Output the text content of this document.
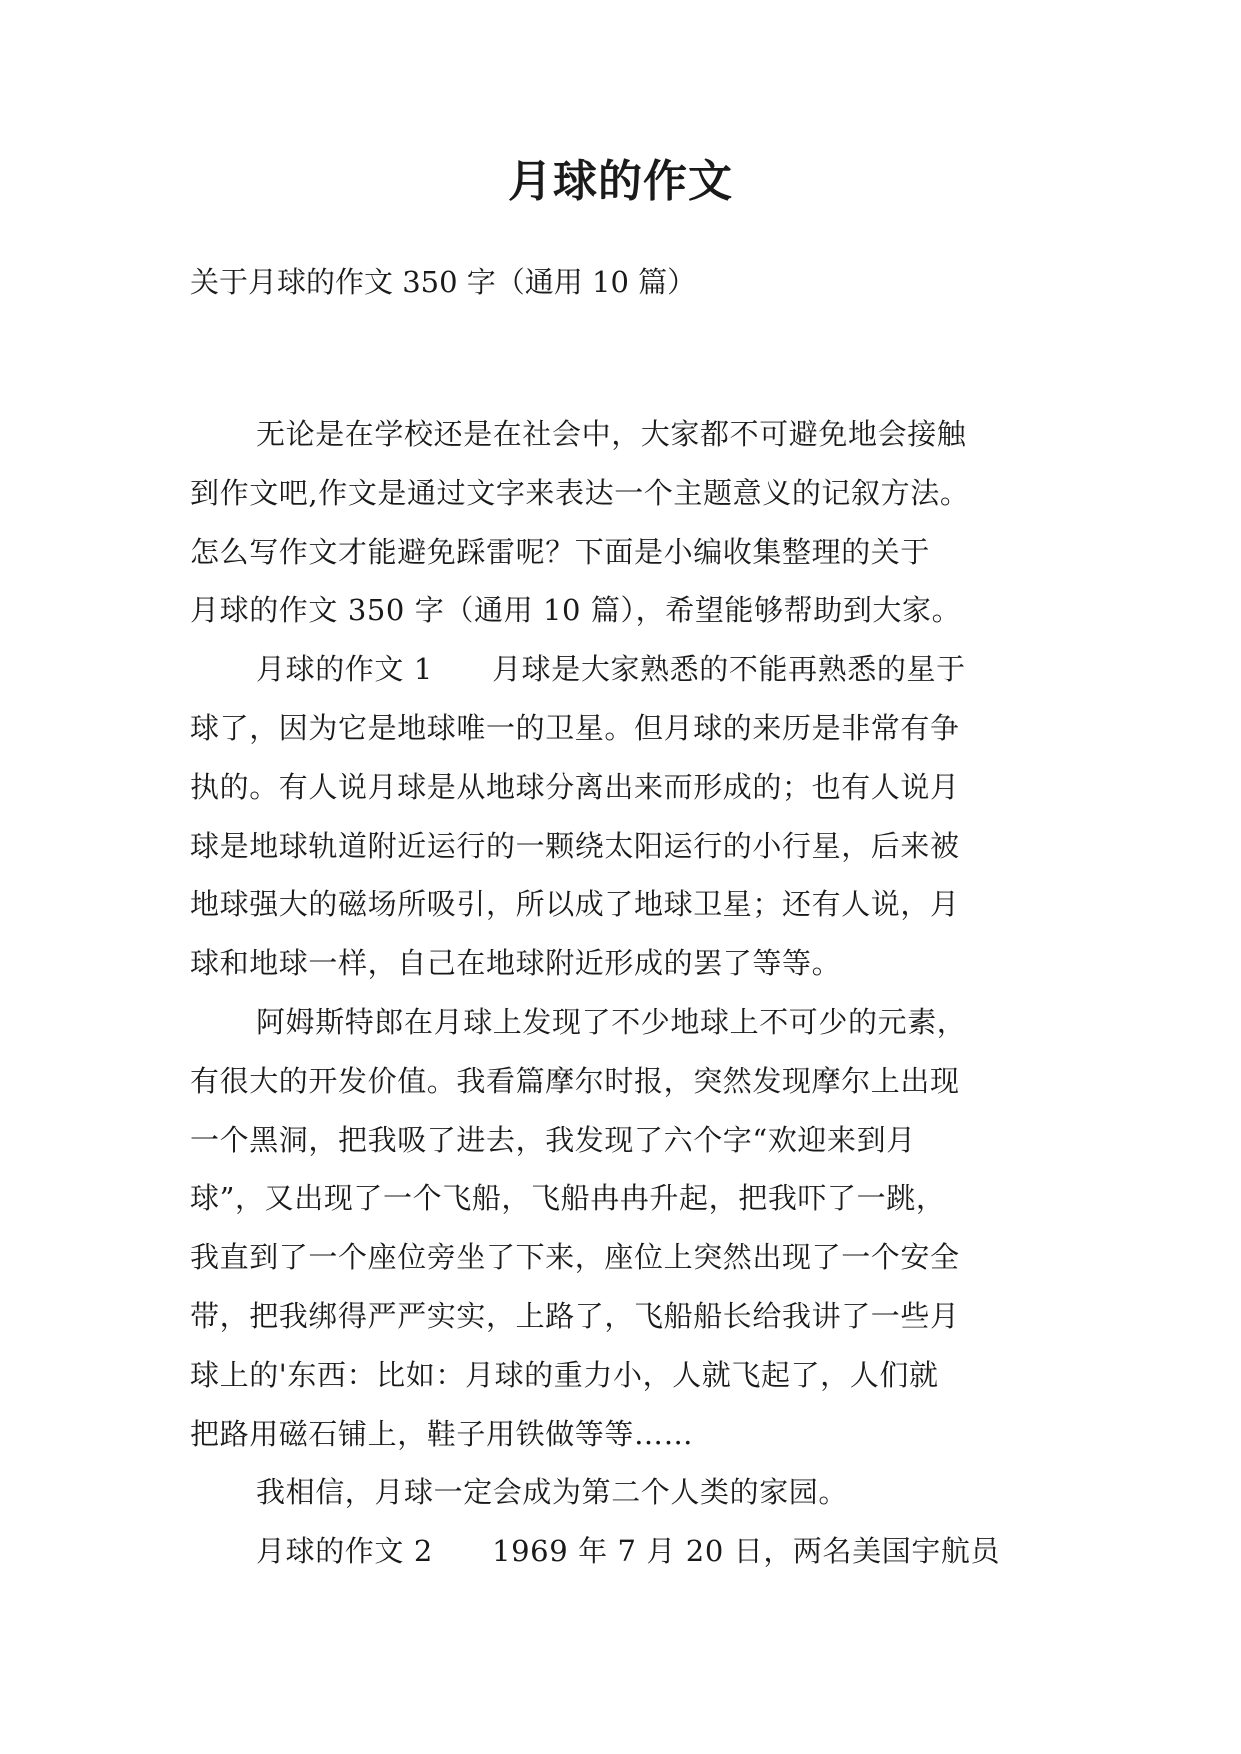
月球的作文
关于月球的作文 350 字（通用 10 篇）
无论是在学校还是在社会中，大家都不可避免地会接触
到作文吧,作文是通过文字来表达一个主题意义的记叙方法。
怎么写作文才能避免踩雷呢？下面是小编收集整理的关于
月球的作文 350 字（通用 10 篇），希望能够帮助到大家。
月球的作文 1　　月球是大家熟悉的不能再熟悉的星于
球了，因为它是地球唯一的卫星。但月球的来历是非常有争
执的。有人说月球是从地球分离出来而形成的；也有人说月
球是地球轨道附近运行的一颗绕太阳运行的小行星，后来被
地球强大的磁场所吸引，所以成了地球卫星；还有人说，月
球和地球一样，自己在地球附近形成的罢了等等。
阿姆斯特郎在月球上发现了不少地球上不可少的元素，
有很大的开发价值。我看篇摩尔时报，突然发现摩尔上出现
一个黑洞，把我吸了进去，我发现了六个字“欢迎来到月
球”，又出现了一个飞船，飞船冉冉升起，把我吓了一跳，
我直到了一个座位旁坐了下来，座位上突然出现了一个安全
带，把我绑得严严实实，上路了，飞船船长给我讲了一些月
球上的'东西：比如：月球的重力小，人就飞起了，人们就
把路用磁石铺上，鞋子用铁做等等……
我相信，月球一定会成为第二个人类的家园。
月球的作文 2　　1969 年 7 月 20 日，两名美国宇航员
